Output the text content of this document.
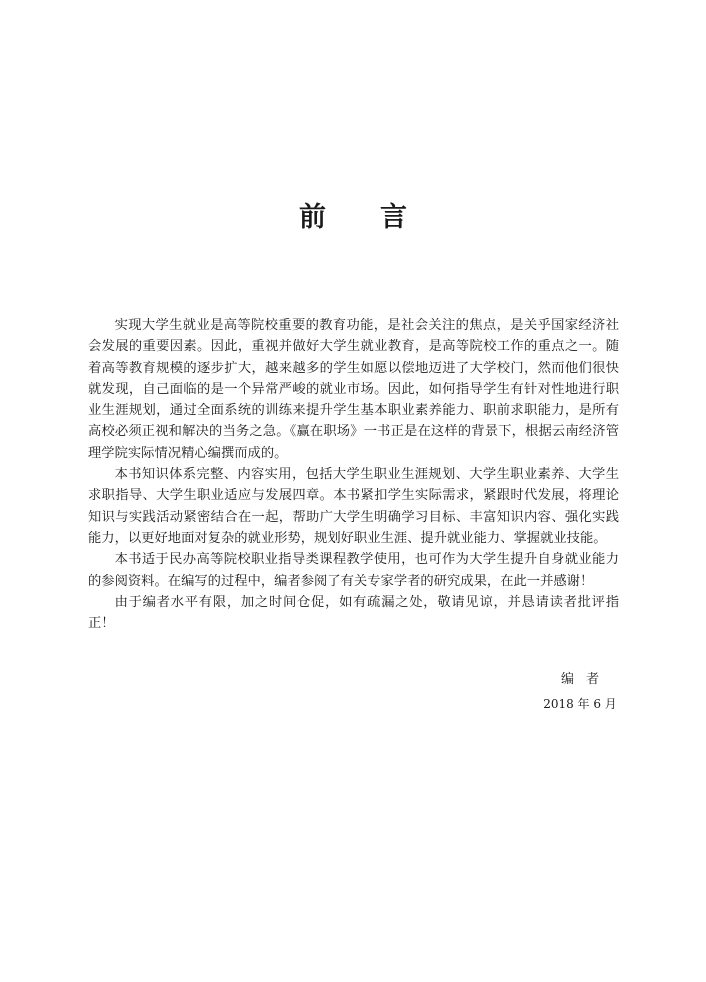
前言

实现大学生就业是高等院校重要的教育功能，是社会关注的焦点，是关乎国家经济社会发展的重要因素。因此，重视并做好大学生就业教育，是高等院校工作的重点之一。随着高等教育规模的逐步扩大，越来越多的学生如愿以偿地迈进了大学校门，然而他们很快就发现，自己面临的是一个异常严峻的就业市场。因此，如何指导学生有针对性地进行职业生涯规划，通过全面系统的训练来提升学生基本职业素养能力、职前求职能力，是所有高校必须正视和解决的当务之急。《赢在职场》一书正是在这样的背景下，根据云南经济管理学院实际情况精心编撰而成的。

本书知识体系完整、内容实用，包括大学生职业生涯规划、大学生职业素养、大学生求职指导、大学生职业适应与发展四章。本书紧扣学生实际需求，紧跟时代发展，将理论知识与实践活动紧密结合在一起，帮助广大学生明确学习目标、丰富知识内容、强化实践能力，以更好地面对复杂的就业形势，规划好职业生涯、提升就业能力、掌握就业技能。

本书适于民办高等院校职业指导类课程教学使用，也可作为大学生提升自身就业能力的参阅资料。在编写的过程中，编者参阅了有关专家学者的研究成果，在此一并感谢！

由于编者水平有限，加之时间仓促，如有疏漏之处，敬请见谅，并恳请读者批评指正！

编者
2018 年 6 月
